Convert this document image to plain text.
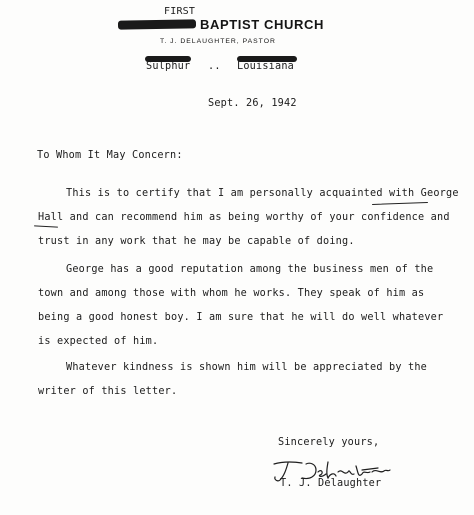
FIRST
BAPTIST CHURCH
T. J. DELAUGHTER, PASTOR
Sulphur .. Louisiana
Sept. 26, 1942
To Whom It May Concern:
This is to certify that I am personally acquainted with George
Hall and can recommend him as being worthy of your confidence and
trust in any work that he may be capable of doing.
George has a good reputation among the business men of the
town and among those with whom he works. They speak of him as
being a good honest boy. I am sure that he will do well whatever
is expected of him.
Whatever kindness is shown him will be appreciated by the
writer of this letter.
Sincerely yours,
T. J. Delaughter
